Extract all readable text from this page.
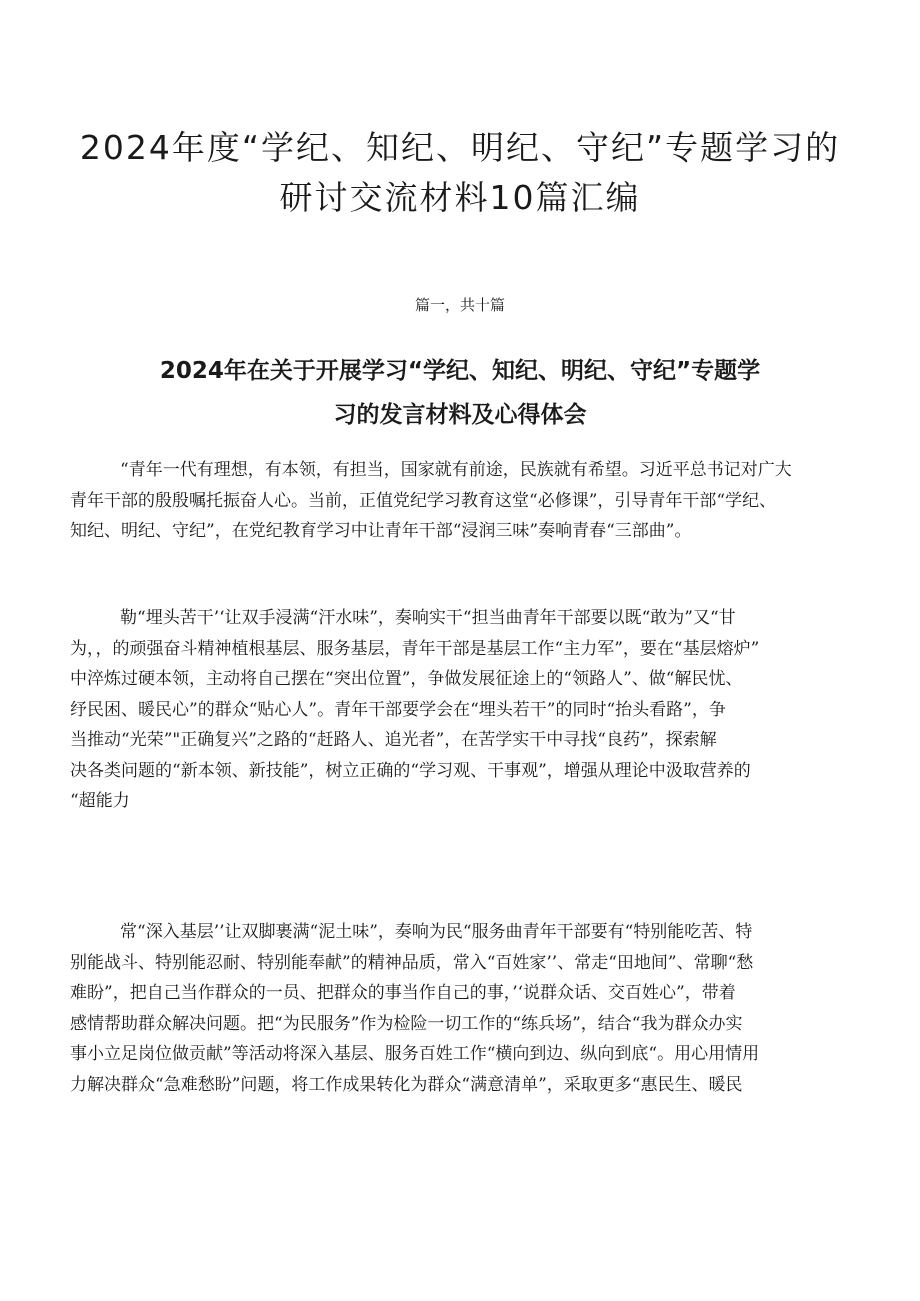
2024年度“学纪、知纪、明纪、守纪”专题学习的
研讨交流材料10篇汇编

篇一，共十篇

2024年在关于开展学习“学纪、知纪、明纪、守纪”专题学
习的发言材料及心得体会
“青年一代有理想，有本领，有担当，国家就有前途，民族就有希望。习近平总书记对广大
青年干部的殷殷嘱托振奋人心。当前，正值党纪学习教育这堂“必修课”，引导青年干部“学纪、
知纪、明纪、守纪”，在党纪教育学习中让青年干部“浸润三味”奏响青春“三部曲”。
勒“埋头苦干’‘让双手浸满“汗水味”，奏响实干“担当曲青年干部要以既“敢为”又“甘
为，，的顽强奋斗精神植根基层、服务基层，青年干部是基层工作“主力军”，要在“基层熔炉”
中淬炼过硬本领，主动将自己摆在“突出位置”，争做发展征途上的“领路人”、做“解民忧、
纾民困、暖民心”的群众“贴心人”。青年干部要学会在“埋头若干”的同时“抬头看路”，争
当推动“光荣”"正确复兴”之路的“赶路人、追光者”，在苦学实干中寻找“良药”，探索解
决各类问题的“新本领、新技能”，树立正确的“学习观、干事观”，增强从理论中汲取营养的
“超能力
常“深入基层’’让双脚裹满“泥土味”，奏响为民“服务曲青年干部要有“特别能吃苦、特
别能战斗、特别能忍耐、特别能奉献”的精神品质，常入“百姓家’’、常走“田地间”、常聊“愁
难盼”，把自己当作群众的一员、把群众的事当作自己的事，’‘说群众话、交百姓心”，带着
感情帮助群众解决问题。把“为民服务”作为检险一切工作的“练兵场”，结合“我为群众办实
事小立足岗位做贡献”等活动将深入基层、服务百姓工作“横向到边、纵向到底“。用心用情用
力解决群众“急难愁盼”问题，将工作成果转化为群众“满意清单”，采取更多“惠民生、暖民
